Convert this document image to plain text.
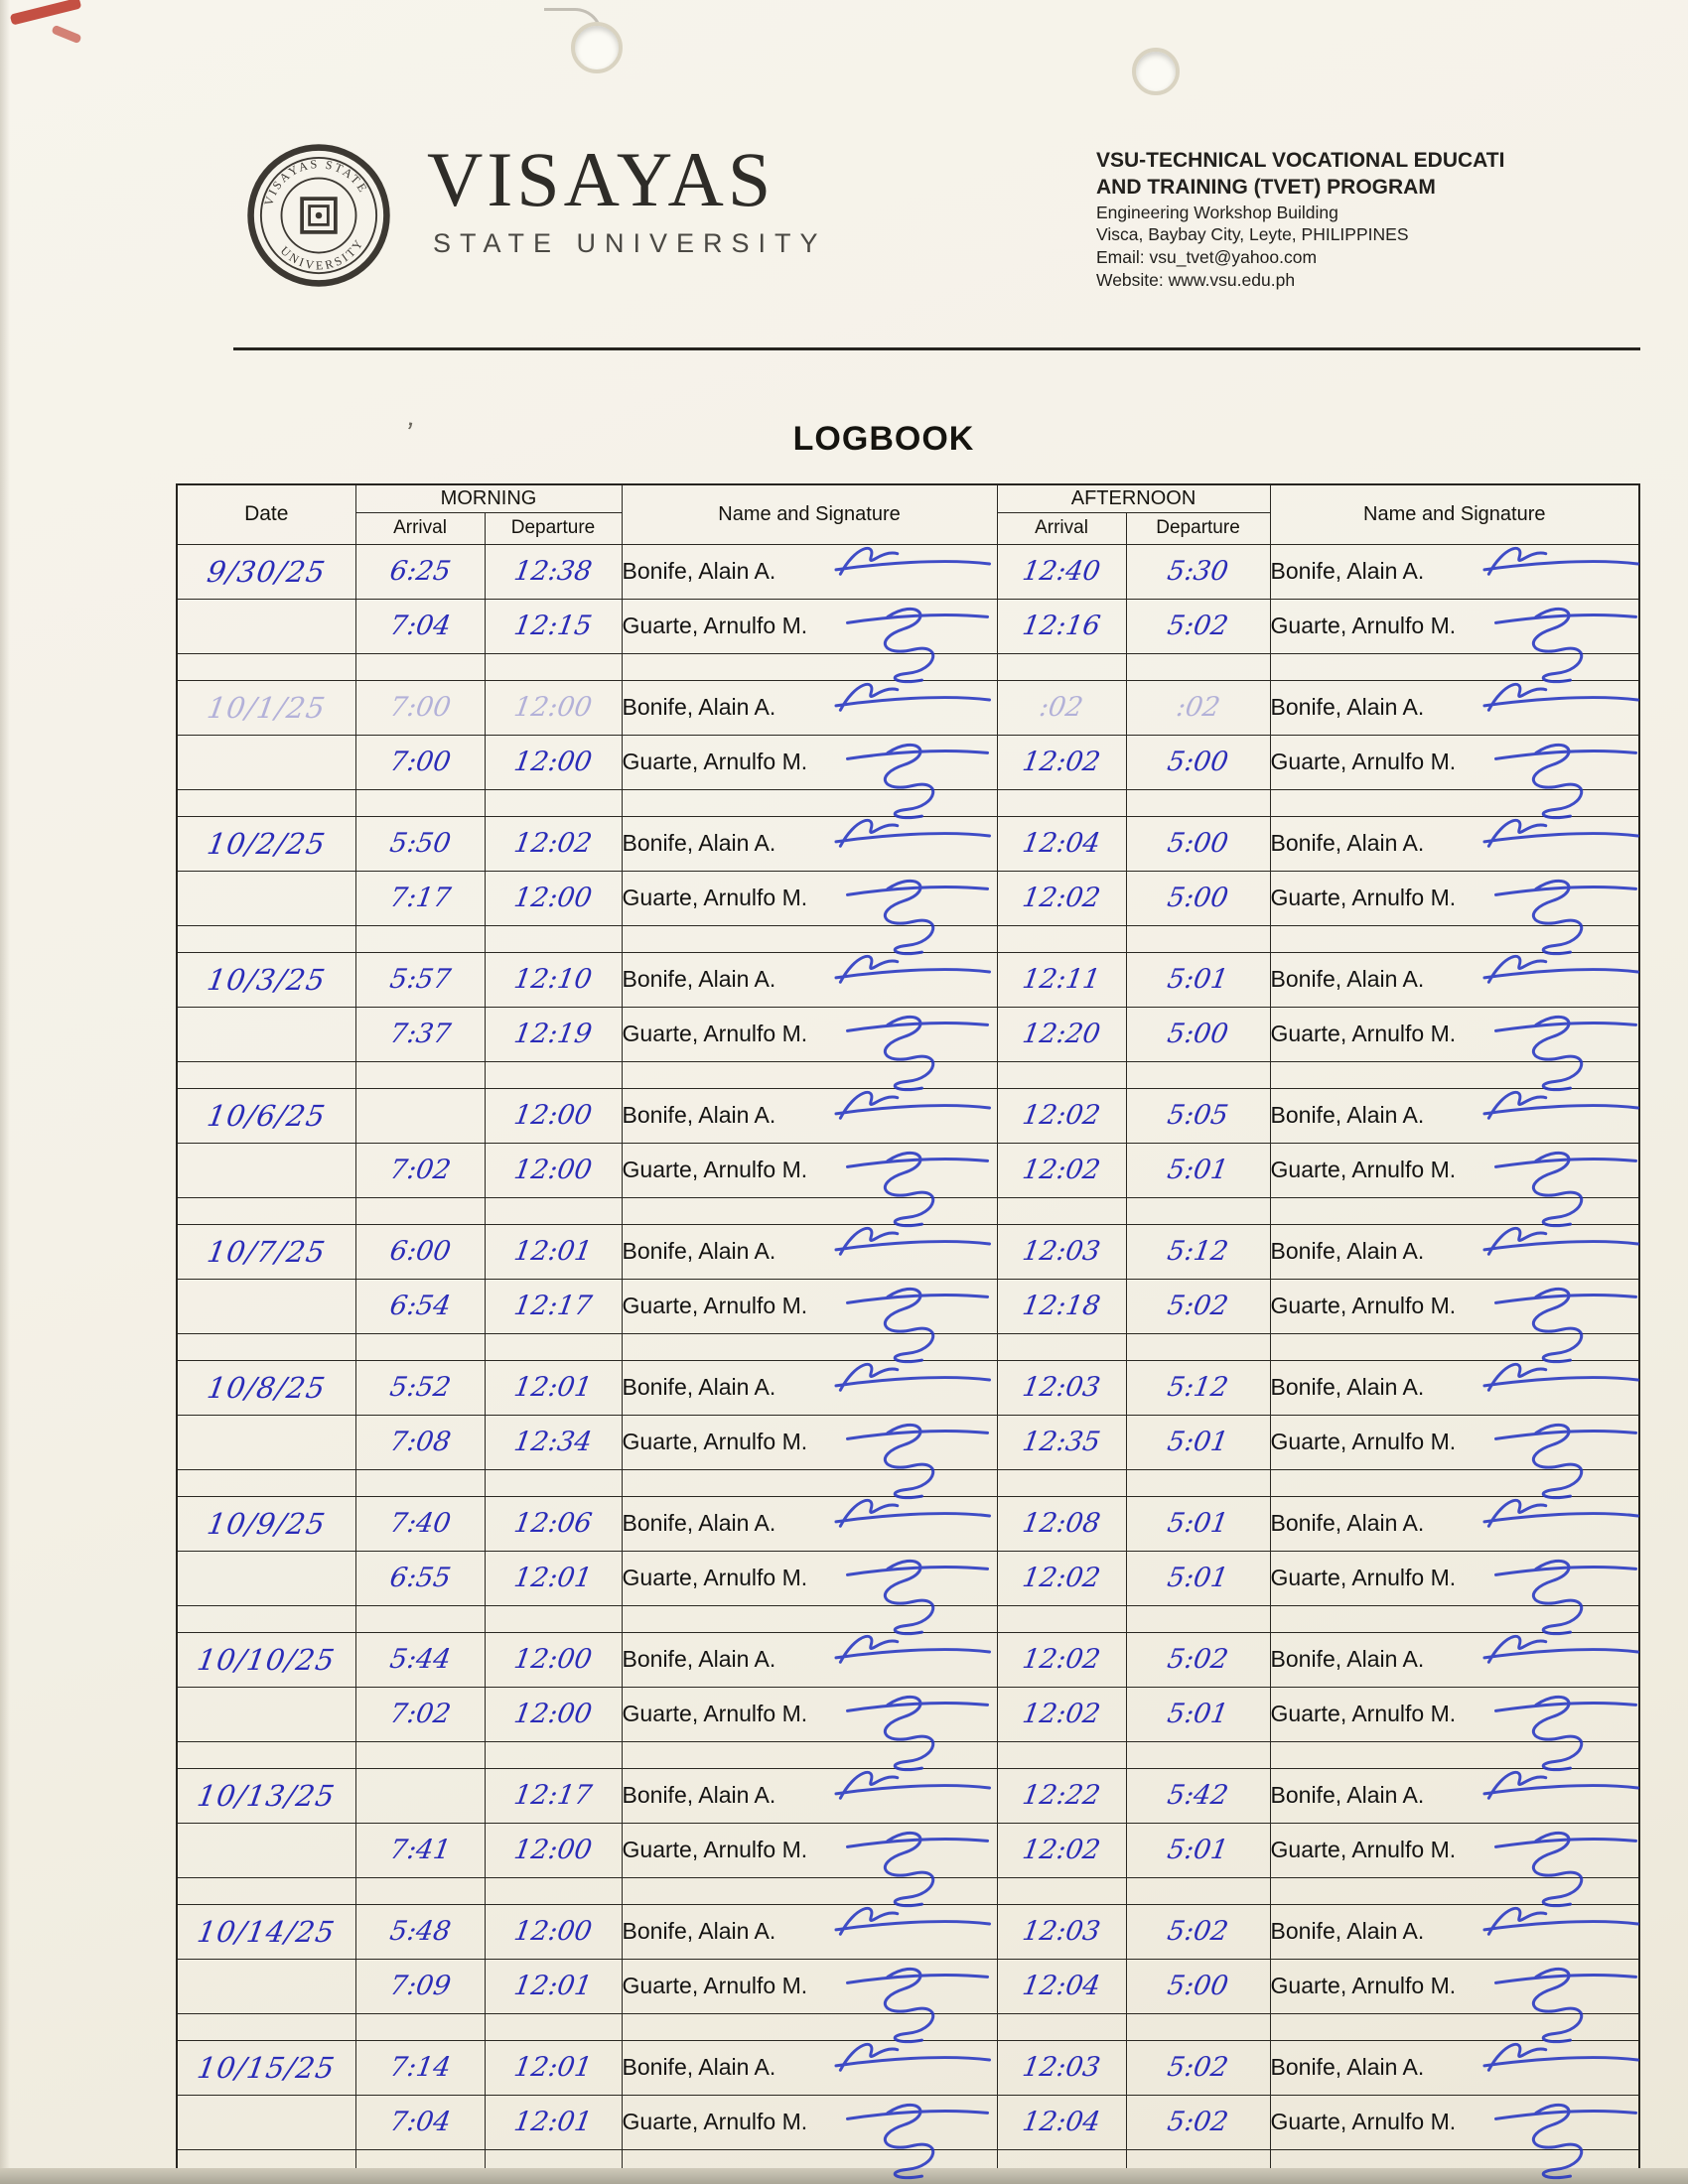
’
VISAYAS STATE
UNIVERSITY
VISAYAS
STATE UNIVERSITY
VSU-TECHNICAL VOCATIONAL EDUCATI
AND TRAINING (TVET) PROGRAM
Engineering Workshop Building
Visca, Baybay City, Leyte, PHILIPPINES
Email: vsu_tvet@yahoo.com
Website: www.vsu.edu.ph
LOGBOOK
Date	MORNING		Name and Signature	AFTERNOON		Name and Signature
	Arrival	Departure		Arrival	Departure	
9/30/25	6:25	12:38	Bonife, Alain A.	12:40	5:30	Bonife, Alain A.

	7:04	12:15	Guarte, Arnulfo M.	12:16	5:02	Guarte, Arnulfo M.

10/1/25	7:00	12:00	Bonife, Alain A.	:02	:02	Bonife, Alain A.

	7:00	12:00	Guarte, Arnulfo M.	12:02	5:00	Guarte, Arnulfo M.

10/2/25	5:50	12:02	Bonife, Alain A.	12:04	5:00	Bonife, Alain A.

	7:17	12:00	Guarte, Arnulfo M.	12:02	5:00	Guarte, Arnulfo M.

10/3/25	5:57	12:10	Bonife, Alain A.	12:11	5:01	Bonife, Alain A.

	7:37	12:19	Guarte, Arnulfo M.	12:20	5:00	Guarte, Arnulfo M.

10/6/25		12:00	Bonife, Alain A.	12:02	5:05	Bonife, Alain A.

	7:02	12:00	Guarte, Arnulfo M.	12:02	5:01	Guarte, Arnulfo M.

10/7/25	6:00	12:01	Bonife, Alain A.	12:03	5:12	Bonife, Alain A.

	6:54	12:17	Guarte, Arnulfo M.	12:18	5:02	Guarte, Arnulfo M.

10/8/25	5:52	12:01	Bonife, Alain A.	12:03	5:12	Bonife, Alain A.

	7:08	12:34	Guarte, Arnulfo M.	12:35	5:01	Guarte, Arnulfo M.

10/9/25	7:40	12:06	Bonife, Alain A.	12:08	5:01	Bonife, Alain A.

	6:55	12:01	Guarte, Arnulfo M.	12:02	5:01	Guarte, Arnulfo M.

10/10/25	5:44	12:00	Bonife, Alain A.	12:02	5:02	Bonife, Alain A.

	7:02	12:00	Guarte, Arnulfo M.	12:02	5:01	Guarte, Arnulfo M.

10/13/25		12:17	Bonife, Alain A.	12:22	5:42	Bonife, Alain A.

	7:41	12:00	Guarte, Arnulfo M.	12:02	5:01	Guarte, Arnulfo M.

10/14/25	5:48	12:00	Bonife, Alain A.	12:03	5:02	Bonife, Alain A.

	7:09	12:01	Guarte, Arnulfo M.	12:04	5:00	Guarte, Arnulfo M.

10/15/25	7:14	12:01	Bonife, Alain A.	12:03	5:02	Bonife, Alain A.

	7:04	12:01	Guarte, Arnulfo M.	12:04	5:02	Guarte, Arnulfo M.
